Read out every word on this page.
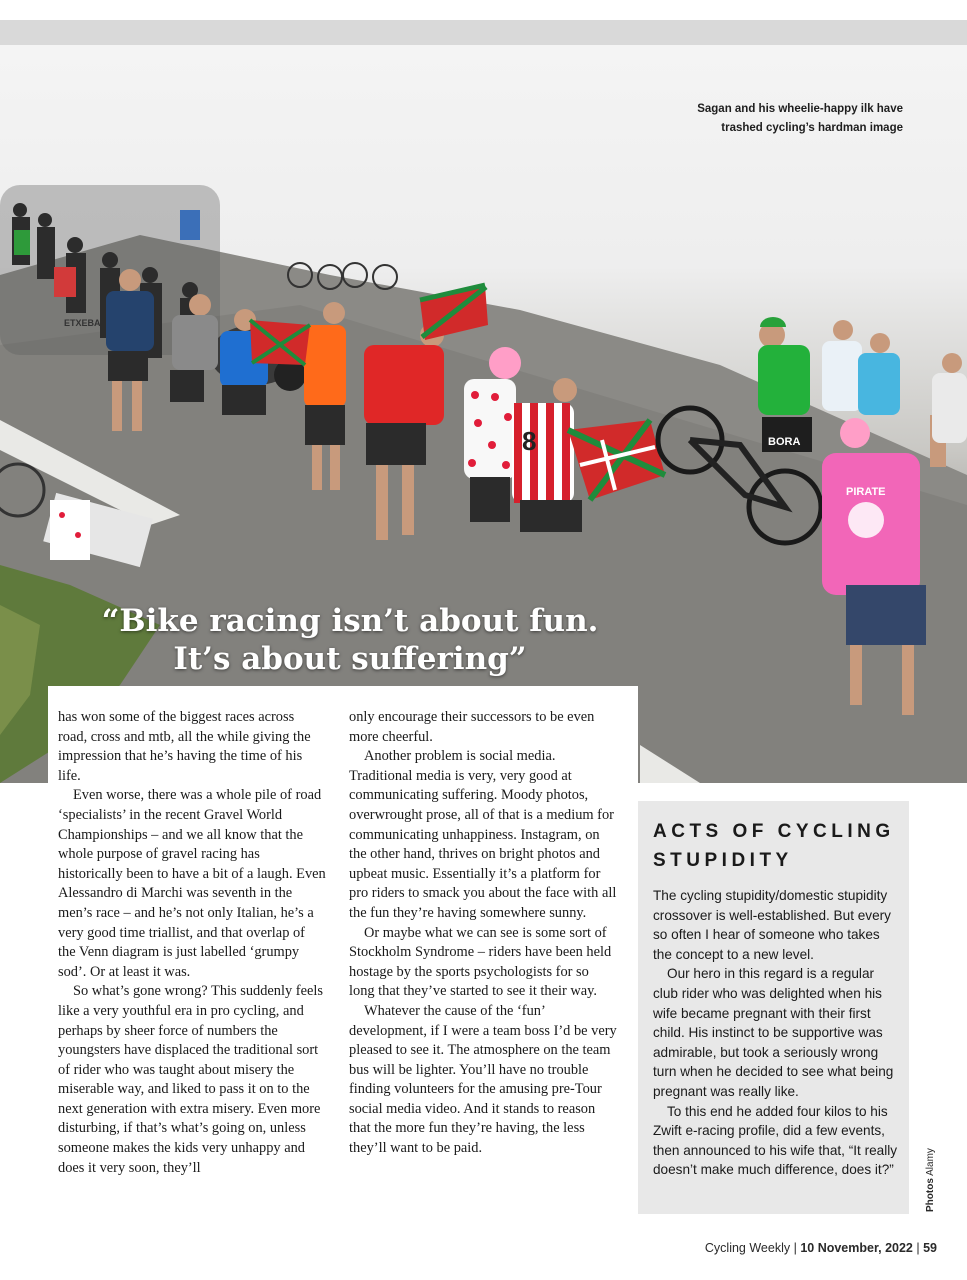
ETXEBA
8
PIRATE
BORA
Sagan and his wheelie-happy ilk have
trashed cycling’s hardman image
“Bike racing isn’t about fun.
It’s about suffering”

has won some of the biggest races across road, cross and mtb, all the while giving the impression that he’s having the time of his life.

Even worse, there was a whole pile of road ‘specialists’ in the recent Gravel World Championships – and we all know that the whole purpose of gravel racing has historically been to have a bit of a laugh. Even Alessandro di Marchi was seventh in the men’s race – and he’s not only Italian, he’s a very good time triallist, and that overlap of the Venn diagram is just labelled ‘grumpy sod’. Or at least it was.

So what’s gone wrong? This suddenly feels like a very youthful era in pro cycling, and perhaps by sheer force of numbers the youngsters have displaced the traditional sort of rider who was taught about misery the miserable way, and liked to pass it on to the next generation with extra misery. Even more disturbing, if that’s what’s going on, unless someone makes the kids very unhappy and does it very soon, they’ll

only encourage their successors to be even more cheerful.

Another problem is social media. Traditional media is very, very good at communicating suffering. Moody photos, overwrought prose, all of that is a medium for communicating unhappiness. Instagram, on the other hand, thrives on bright photos and upbeat music. Essentially it’s a platform for pro riders to smack you about the face with all the fun they’re having somewhere sunny.

Or maybe what we can see is some sort of Stockholm Syndrome – riders have been held hostage by the sports psychologists for so long that they’ve started to see it their way.

Whatever the cause of the ‘fun’ development, if I were a team boss I’d be very pleased to see it. The atmosphere on the team bus will be lighter. You’ll have no trouble finding volunteers for the amusing pre-Tour social media video. And it stands to reason that the more fun they’re having, the less they’ll want to be paid.

ACTS OF CYCLING
STUPIDITY

The cycling stupidity/domestic stupidity crossover is well-established. But every so often I hear of someone who takes the concept to a new level.

Our hero in this regard is a regular club rider who was delighted when his wife became pregnant with their first child. His instinct to be supportive was admirable, but took a seriously wrong turn when he decided to see what being pregnant was really like.

To this end he added four kilos to his Zwift e-racing profile, did a few events, then announced to his wife that, “It really doesn’t make much difference, does it?”

Photos Alamy
Cycling Weekly | 10 November, 2022 | 59
